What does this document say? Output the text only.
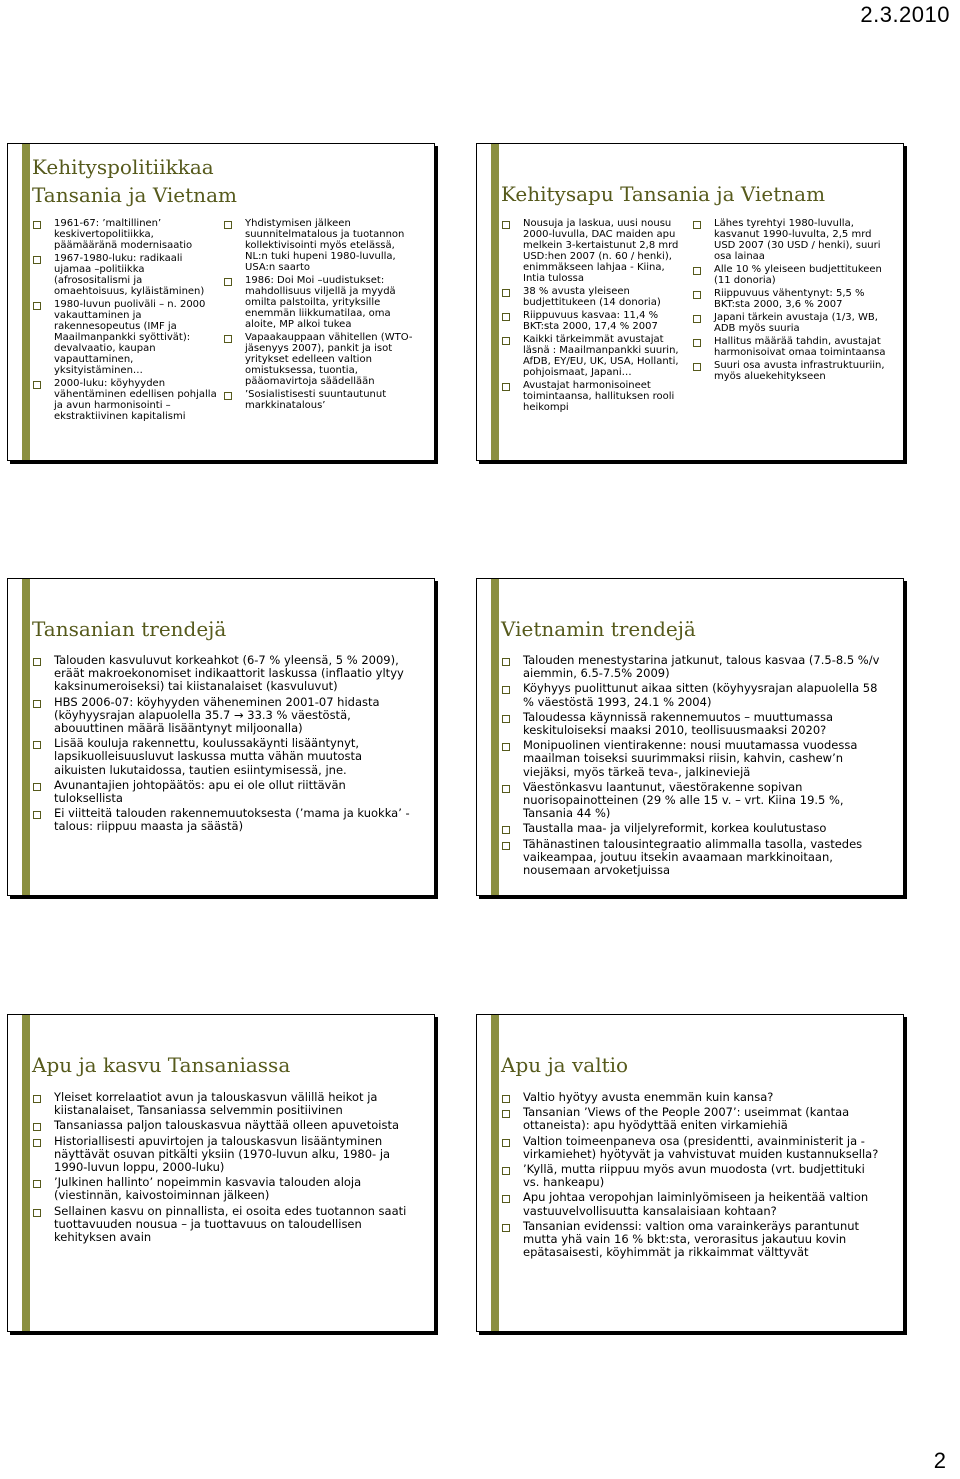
2.3.2010
Kehityspolitiikkaa
Tansania ja Vietnam
1961-67: ’maltillinen’ keskivertopolitiikka, päämääränä modernisaatio
1967-1980-luku: radikaali ujamaa –politiikka (afrosositalismi ja omaehtoisuus, kyläistäminen)
1980-luvun puoliväli – n. 2000 vakauttaminen ja rakennesopeutus (IMF ja Maailmanpankki syöttivät): devalvaatio, kaupan vapauttaminen, yksityistäminen…
2000-luku: köyhyyden vähentäminen edellisen pohjalla ja avun harmonisointi – ekstraktiivinen kapitalismi
Yhdistymisen jälkeen suunnitelmatalous ja tuotannon kollektivisointi myös etelässä, NL:n tuki hupeni 1980-luvulla, USA:n saarto
1986: Doi Moi –uudistukset: mahdollisuus viljellä ja myydä omilta palstoilta, yrityksille enemmän liikkumatilaa, oma aloite, MP alkoi tukea
Vapaakauppaan vähitellen (WTO-jäsenyys 2007), pankit ja isot yritykset edelleen valtion omistuksessa, tuontia, pääomavirtoja säädellään
’Sosialistisesti suuntautunut markkinatalous’
Kehitysapu Tansania ja Vietnam
Nousuja ja laskua, uusi nousu 2000-luvulla, DAC maiden apu melkein 3-kertaistunut 2,8 mrd USD:hen 2007 (n. 60 / henki), enimmäkseen lahjaa - Kiina, Intia tulossa
38 % avusta yleiseen budjettitukeen (14 donoria)
Riippuvuus kasvaa: 11,4 % BKT:sta 2000, 17,4 % 2007
Kaikki tärkeimmät avustajat läsnä : Maailmanpankki suurin, AfDB, EY/EU, UK, USA, Hollanti, pohjoismaat, Japani…
Avustajat harmonisoineet toimintaansa, hallituksen rooli heikompi
Lähes tyrehtyi 1980-luvulla, kasvanut 1990-luvulta, 2,5 mrd USD 2007 (30 USD / henki), suuri osa lainaa
Alle 10 % yleiseen budjettitukeen (11 donoria)
Riippuvuus vähentynyt: 5,5 % BKT:sta 2000, 3,6 % 2007
Japani tärkein avustaja (1/3, WB, ADB myös suuria
Hallitus määrää tahdin, avustajat harmonisoivat omaa toimintaansa
Suuri osa avusta infrastruktuuriin, myös aluekehitykseen
Tansanian trendejä
Talouden kasvuluvut korkeahkot (6-7 % yleensä, 5 % 2009), eräät makroekonomiset indikaattorit laskussa (inflaatio yltyy kaksinumeroiseksi) tai kiistanalaiset (kasvuluvut)
HBS 2006-07: köyhyyden väheneminen 2001-07 hidasta (köyhyysrajan alapuolella 35.7 → 33.3 % väestöstä, abouuttinen määrä lisääntynyt miljoonalla)
Lisää kouluja rakennettu, koulussakäynti lisääntynyt, lapsikuolleisuusluvut laskussa mutta vähän muutosta aikuisten lukutaidossa, tautien esiintymisessä, jne.
Avunantajien johtopäätös: apu ei ole ollut riittävän tuloksellista
Ei viitteitä talouden rakennemuutoksesta (’mama ja kuokka’ -talous: riippuu maasta ja säästä)
Vietnamin trendejä
Talouden menestystarina jatkunut, talous kasvaa (7.5-8.5 %/v aiemmin, 6.5-7.5% 2009)
Köyhyys puolittunut aikaa sitten (köyhyysrajan alapuolella 58 % väestöstä 1993, 24.1 % 2004)
Taloudessa käynnissä rakennemuutos – muuttumassa keskituloiseksi maaksi 2010, teollisuusmaaksi 2020?
Monipuolinen vientirakenne: nousi muutamassa vuodessa maailman toiseksi suurimmaksi riisin, kahvin, cashew’n viejäksi, myös tärkeä teva-, jalkineviejä
Väestönkasvu laantunut, väestörakenne sopivan nuorisopainotteinen (29 % alle 15 v. – vrt. Kiina 19.5 %, Tansania 44 %)
Taustalla maa- ja viljelyreformit, korkea koulutustaso
Tähänastinen talousintegraatio alimmalla tasolla, vastedes vaikeampaa, joutuu itsekin avaamaan markkinoitaan, nousemaan arvoketjuissa
Apu ja kasvu Tansaniassa
Yleiset korrelaatiot avun ja talouskasvun välillä heikot ja kiistanalaiset, Tansaniassa selvemmin positiivinen
Tansaniassa paljon talouskasvua näyttää olleen apuvetoista
Historiallisesti apuvirtojen ja talouskasvun lisääntyminen näyttävät osuvan pitkälti yksiin (1970-luvun alku, 1980- ja 1990-luvun loppu, 2000-luku)
’Julkinen hallinto’ nopeimmin kasvavia talouden aloja (viestinnän, kaivostoiminnan jälkeen)
Sellainen kasvu on pinnallista, ei osoita edes tuotannon saati tuottavuuden nousua – ja tuottavuus on taloudellisen kehityksen avain
Apu ja valtio
Valtio hyötyy avusta enemmän kuin kansa?
Tansanian ’Views of the People 2007’: useimmat (kantaa ottaneista): apu hyödyttää eniten virkamiehiä
Valtion toimeenpaneva osa (presidentti, avainministerit ja -virkamiehet) hyötyvät ja vahvistuvat muiden kustannuksella?
’Kyllä, mutta riippuu myös avun muodosta (vrt. budjettituki vs. hankeapu)
Apu johtaa veropohjan laiminlyömiseen ja heikentää valtion vastuuvelvollisuutta kansalaisiaan kohtaan?
Tansanian evidenssi: valtion oma varainkeräys parantunut mutta yhä vain 16 % bkt:sta, verorasitus jakautuu kovin epätasaisesti, köyhimmät ja rikkaimmat välttyvät
2
